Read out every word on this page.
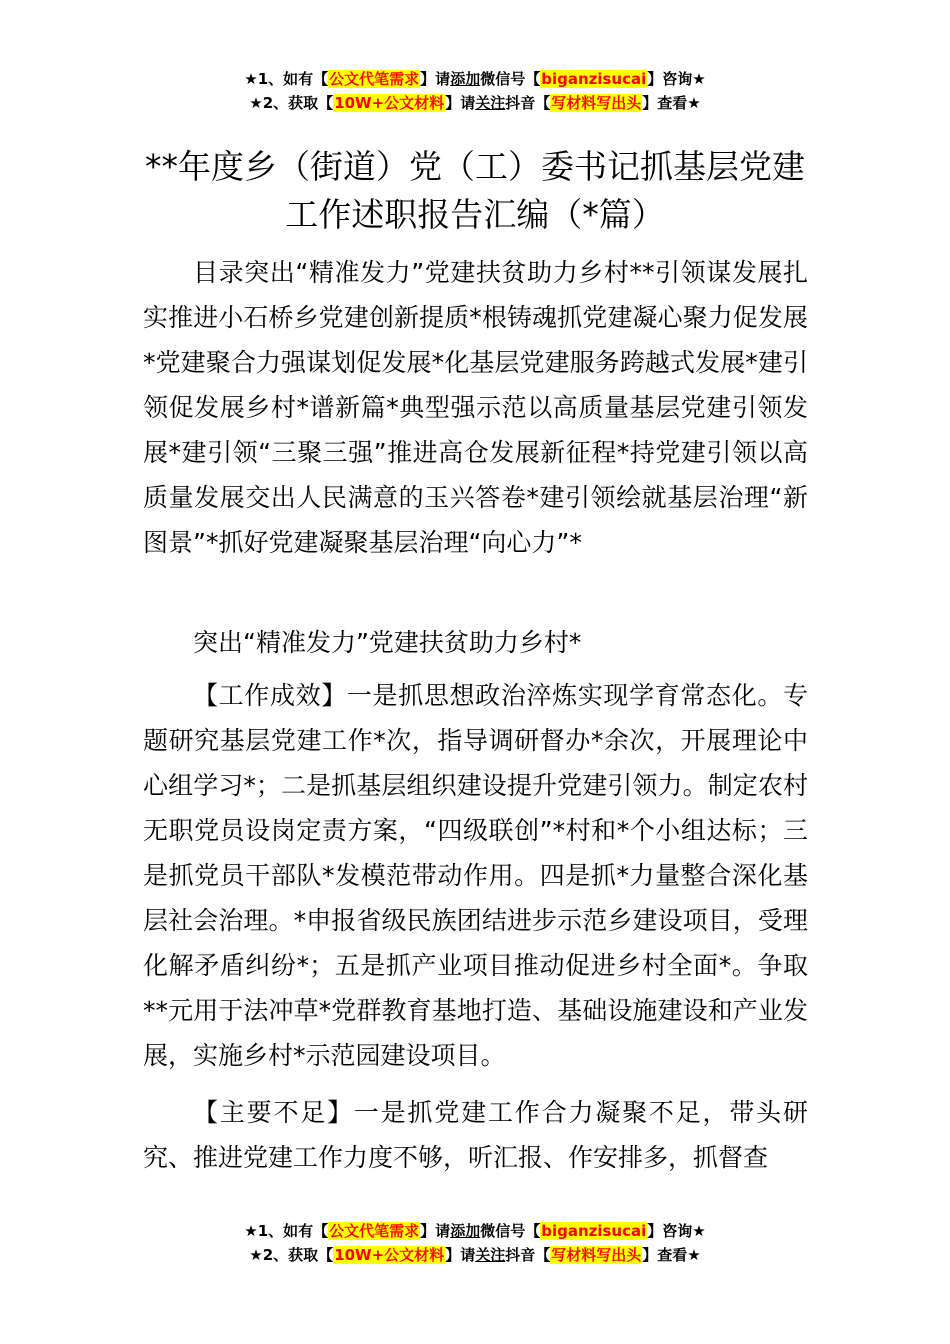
★1、如有【公文代笔需求】请添加微信号【biganzisucai】咨询★
★2、获取【10W+公文材料】请关注抖音【写材料写出头】查看★
**年度乡（街道）党（工）委书记抓基层党建工作述职报告汇编（*篇）

目录突出“精准发力”党建扶贫助力乡村**引领谋发展扎实推进小石桥乡党建创新提质*根铸魂抓党建凝心聚力促发展*党建聚合力强谋划促发展*化基层党建服务跨越式发展*建引领促发展乡村*谱新篇*典型强示范以高质量基层党建引领发展*建引领“三聚三强”推进高仓发展新征程*持党建引领以高质量发展交出人民满意的玉兴答卷*建引领绘就基层治理“新图景”*抓好党建凝聚基层治理“向心力”*

突出“精准发力”党建扶贫助力乡村*

【工作成效】一是抓思想政治淬炼实现学育常态化。专题研究基层党建工作*次，指导调研督办*余次，开展理论中心组学习*；二是抓基层组织建设提升党建引领力。制定农村无职党员设岗定责方案，“四级联创”*村和*个小组达标；三是抓党员干部队*发模范带动作用。四是抓*力量整合深化基层社会治理。*申报省级民族团结进步示范乡建设项目，受理化解矛盾纠纷*；五是抓产业项目推动促进乡村全面*。争取**元用于法冲草*党群教育基地打造、基础设施建设和产业发展，实施乡村*示范园建设项目。

【主要不足】一是抓党建工作合力凝聚不足，带头研究、推进党建工作力度不够，听汇报、作安排多，抓督查

★1、如有【公文代笔需求】请添加微信号【biganzisucai】咨询★
★2、获取【10W+公文材料】请关注抖音【写材料写出头】查看★
